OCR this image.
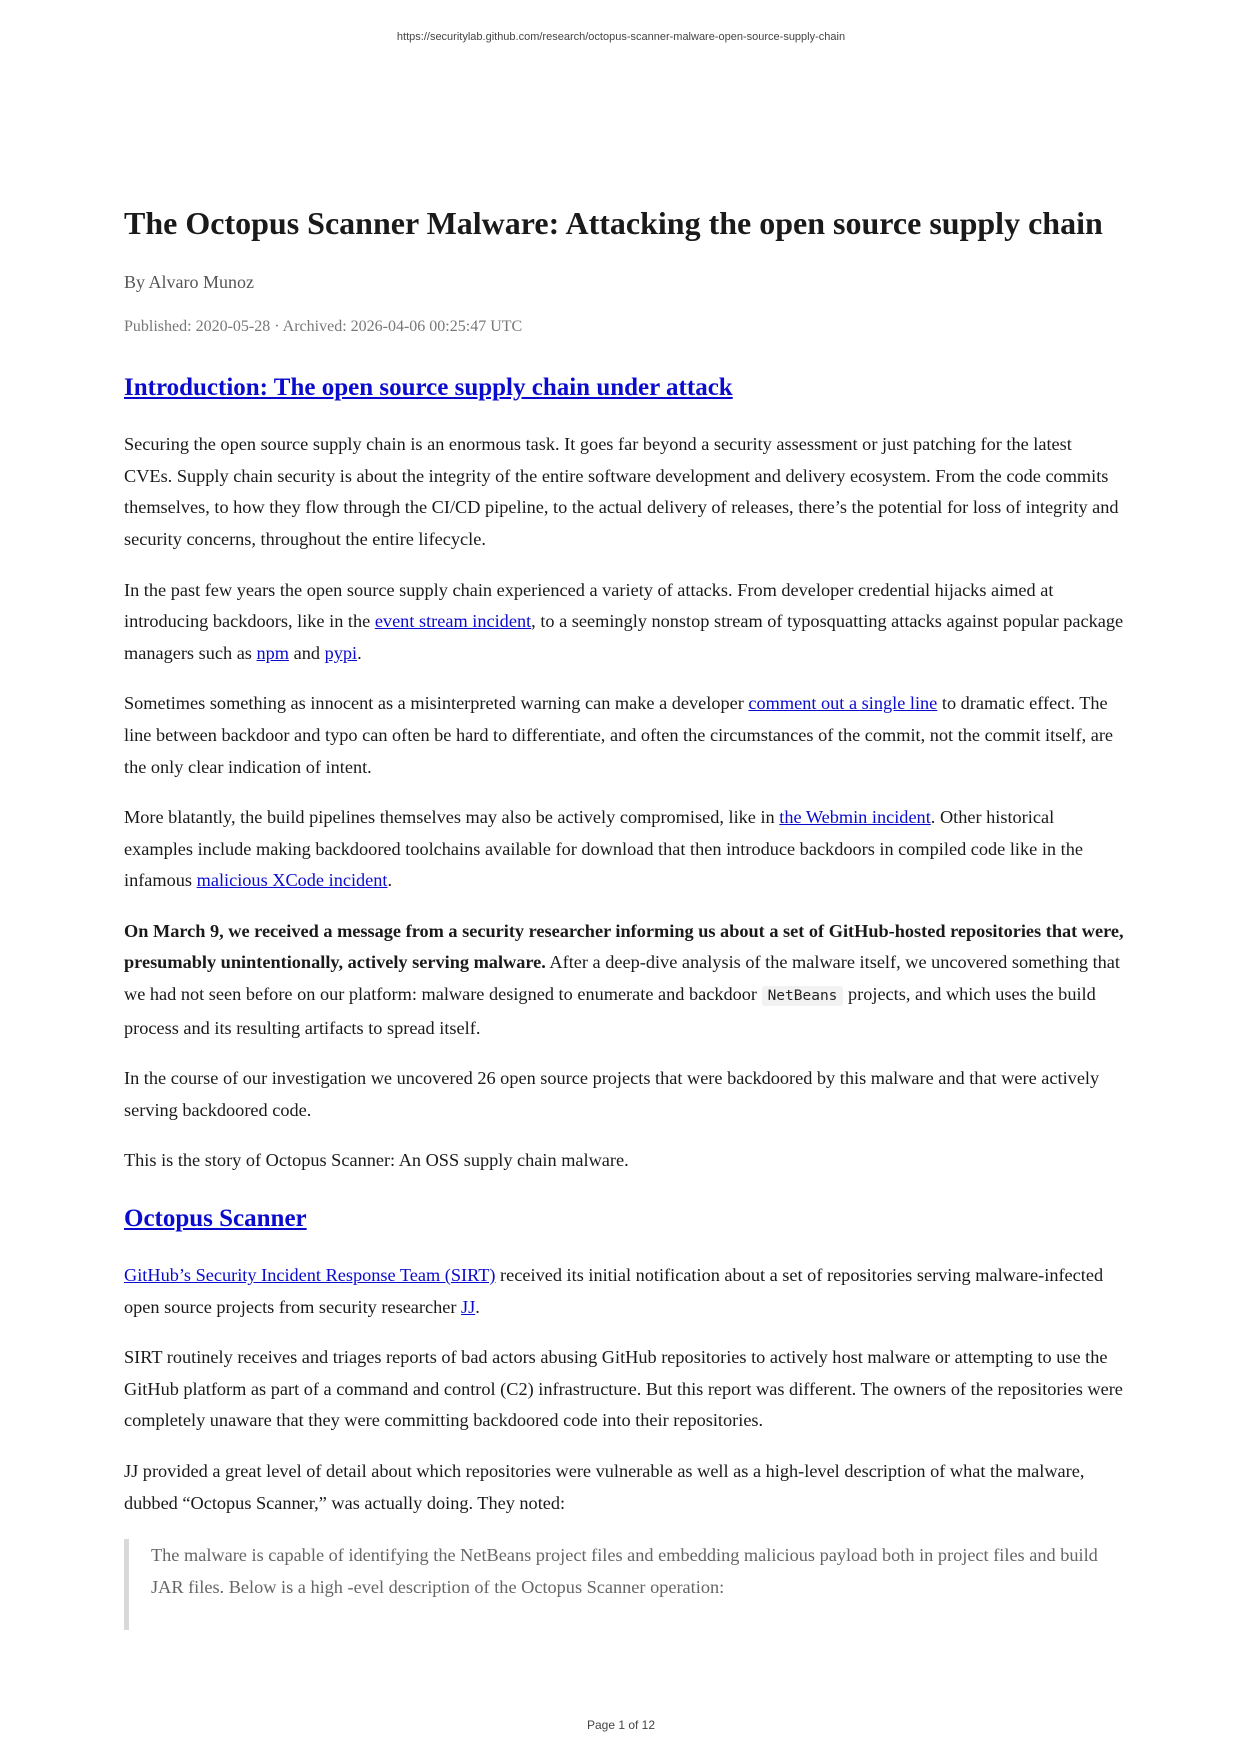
https://securitylab.github.com/research/octopus-scanner-malware-open-source-supply-chain
The Octopus Scanner Malware: Attacking the open source supply chain
By Alvaro Munoz
Published: 2020-05-28 · Archived: 2026-04-06 00:25:47 UTC
Introduction: The open source supply chain under attack

Securing the open source supply chain is an enormous task. It goes far beyond a security assessment or just patching for the latest CVEs. Supply chain security is about the integrity of the entire software development and delivery ecosystem. From the code commits themselves, to how they flow through the CI/CD pipeline, to the actual delivery of releases, there’s the potential for loss of integrity and security concerns, throughout the entire lifecycle.

In the past few years the open source supply chain experienced a variety of attacks. From developer credential hijacks aimed at introducing backdoors, like in the event stream incident, to a seemingly nonstop stream of typosquatting attacks against popular package managers such as npm and pypi.

Sometimes something as innocent as a misinterpreted warning can make a developer comment out a single line to dramatic effect. The line between backdoor and typo can often be hard to differentiate, and often the circumstances of the commit, not the commit itself, are the only clear indication of intent.

More blatantly, the build pipelines themselves may also be actively compromised, like in the Webmin incident. Other historical examples include making backdoored toolchains available for download that then introduce backdoors in compiled code like in the infamous malicious XCode incident.

On March 9, we received a message from a security researcher informing us about a set of GitHub-hosted repositories that were, presumably unintentionally, actively serving malware. After a deep-dive analysis of the malware itself, we uncovered something that we had not seen before on our platform: malware designed to enumerate and backdoor NetBeans projects, and which uses the build process and its resulting artifacts to spread itself.

In the course of our investigation we uncovered 26 open source projects that were backdoored by this malware and that were actively serving backdoored code.

This is the story of Octopus Scanner: An OSS supply chain malware.

Octopus Scanner

GitHub’s Security Incident Response Team (SIRT) received its initial notification about a set of repositories serving malware-infected open source projects from security researcher JJ.

SIRT routinely receives and triages reports of bad actors abusing GitHub repositories to actively host malware or attempting to use the GitHub platform as part of a command and control (C2) infrastructure. But this report was different. The owners of the repositories were completely unaware that they were committing backdoored code into their repositories.

JJ provided a great level of detail about which repositories were vulnerable as well as a high-level description of what the malware, dubbed “Octopus Scanner,” was actually doing. They noted:

The malware is capable of identifying the NetBeans project files and embedding malicious payload both in project files and build JAR files. Below is a high -evel description of the Octopus Scanner operation:

Page 1 of 12
